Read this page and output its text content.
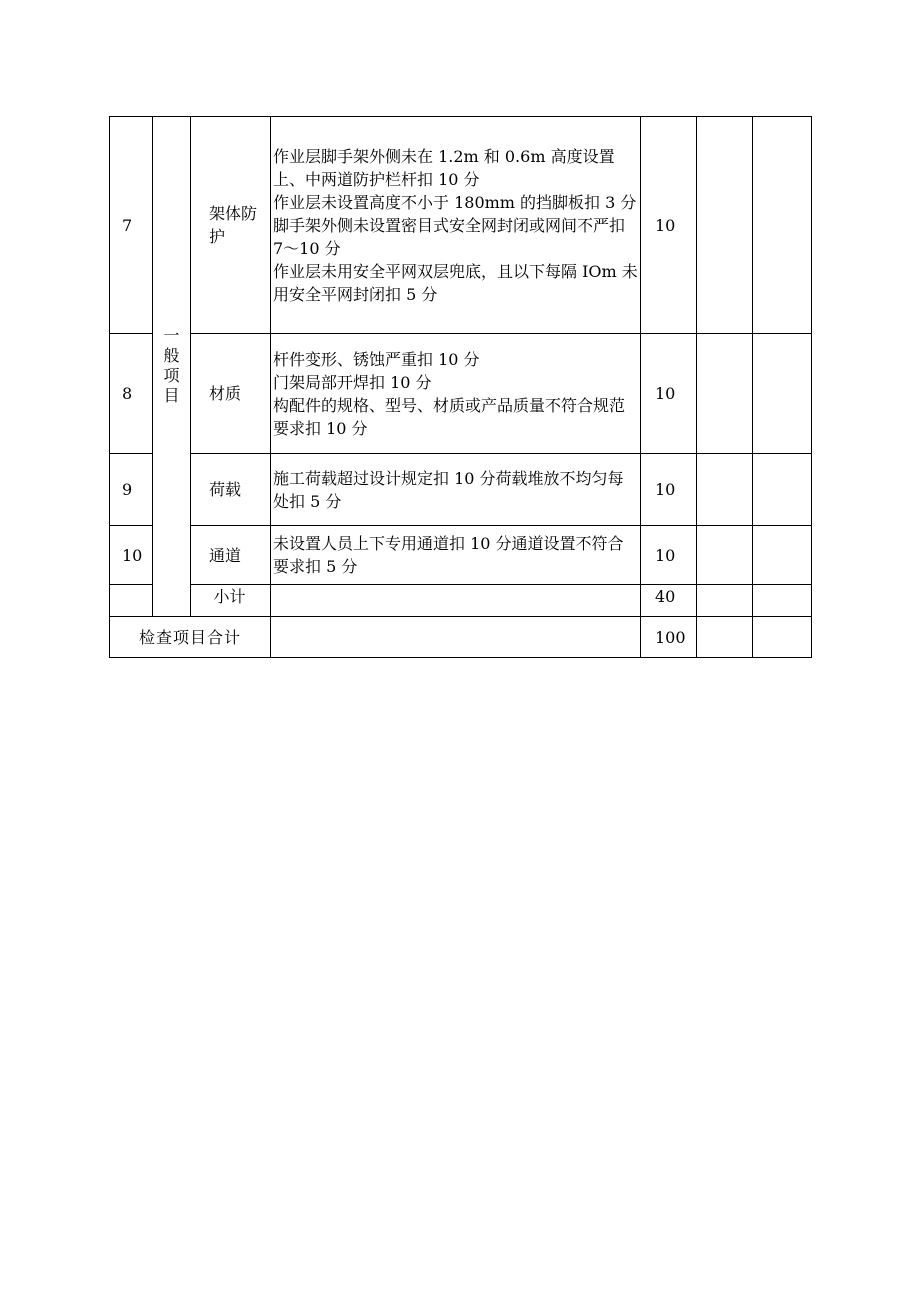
7	一般项目	架体防护	作业层脚手架外侧未在 1.2m 和 0.6m 高度设置上、中两道防护栏杆扣 10 分
作业层未设置高度不小于 180mm 的挡脚板扣 3 分
脚手架外侧未设置密目式安全网封闭或网间不严扣 7～10 分
作业层未用安全平网双层兜底，且以下每隔 IOm 未用安全平网封闭扣 5 分	10		
8		材质	杆件变形、锈蚀严重扣 10 分
门架局部开焊扣 10 分
构配件的规格、型号、材质或产品质量不符合规范要求扣 10 分	10		
9		荷载	施工荷载超过设计规定扣 10 分荷载堆放不均匀每处扣 5 分	10		
10		通道	未设置人员上下专用通道扣 10 分通道设置不符合要求扣 5 分	10		
		小计		40		
检查项目合计				100		
